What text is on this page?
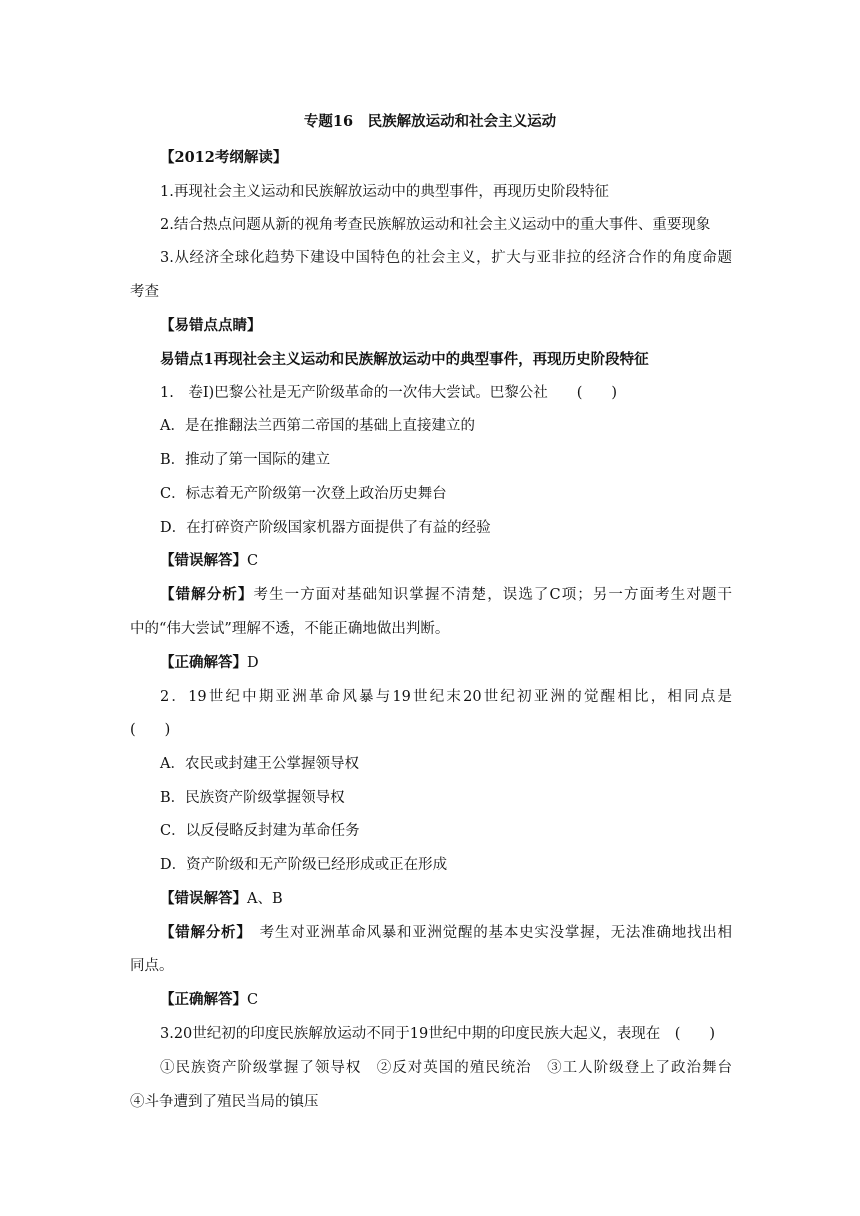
专题16　民族解放运动和社会主义运动
【2012考纲解读】
1.再现社会主义运动和民族解放运动中的典型事件，再现历史阶段特征
2.结合热点问题从新的视角考查民族解放运动和社会主义运动中的重大事件、重要现象
3.从经济全球化趋势下建设中国特色的社会主义，扩大与亚非拉的经济合作的角度命题
考查
【易错点点睛】
易错点1再现社会主义运动和民族解放运动中的典型事件，再现历史阶段特征
1.　卷I)巴黎公社是无产阶级革命的一次伟大尝试。巴黎公社　　(　　)
A．是在推翻法兰西第二帝国的基础上直接建立的
B．推动了第一国际的建立
C．标志着无产阶级第一次登上政治历史舞台
D．在打碎资产阶级国家机器方面提供了有益的经验
【错误解答】C
【错解分析】考生一方面对基础知识掌握不清楚，误选了C项；另一方面考生对题干
中的“伟大尝试”理解不透，不能正确地做出判断。
【正确解答】D
2．19世纪中期亚洲革命风暴与19世纪末20世纪初亚洲的觉醒相比，相同点是
(　　)
A．农民或封建王公掌握领导权
B．民族资产阶级掌握领导权
C．以反侵略反封建为革命任务
D．资产阶级和无产阶级已经形成或正在形成
【错误解答】A、B
【错解分析】　考生对亚洲革命风暴和亚洲觉醒的基本史实没掌握，无法准确地找出相
同点。
【正确解答】C
3.20世纪初的印度民族解放运动不同于19世纪中期的印度民族大起义，表现在　(　　)
①民族资产阶级掌握了领导权　②反对英国的殖民统治　③工人阶级登上了政治舞台
④斗争遭到了殖民当局的镇压
